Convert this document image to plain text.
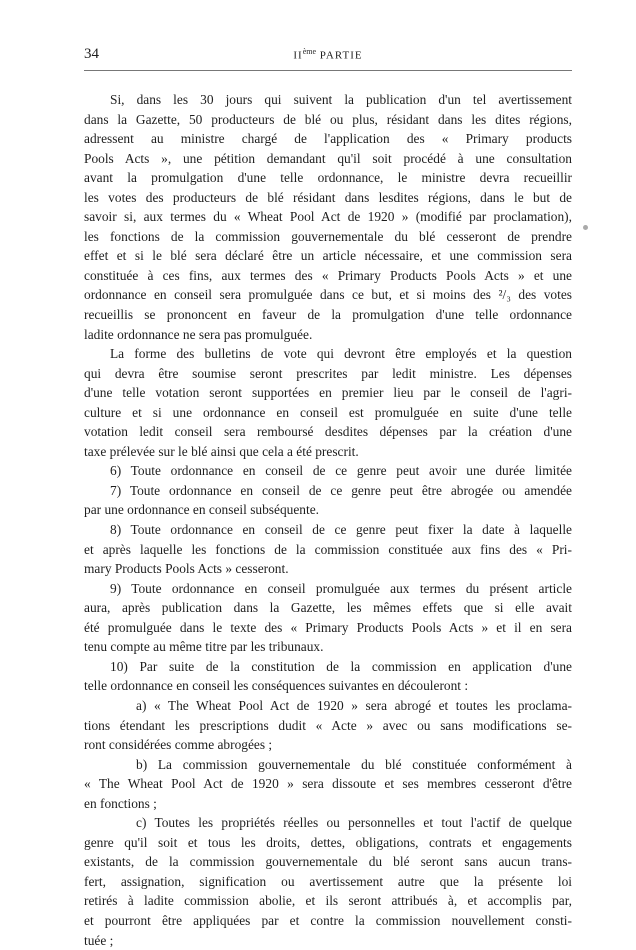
34	IIème PARTIE
Si, dans les 30 jours qui suivent la publication d'un tel avertissement
dans la Gazette, 50 producteurs de blé ou plus, résidant dans les dites régions,
adressent au ministre chargé de l'application des « Primary products
Pools Acts », une pétition demandant qu'il soit procédé à une consultation
avant la promulgation d'une telle ordonnance, le ministre devra recueillir
les votes des producteurs de blé résidant dans lesdites régions, dans le but de
savoir si, aux termes du « Wheat Pool Act de 1920 » (modifié par proclamation),
les fonctions de la commission gouvernementale du blé cesseront de prendre
effet et si le blé sera déclaré être un article nécessaire, et une commission sera
constituée à ces fins, aux termes des « Primary Products Pools Acts » et une
ordonnance en conseil sera promulguée dans ce but, et si moins des ²/₃ des votes
recueillis se prononcent en faveur de la promulgation d'une telle ordonnance
ladite ordonnance ne sera pas promulguée.
La forme des bulletins de vote qui devront être employés et la question
qui devra être soumise seront prescrites par ledit ministre. Les dépenses
d'une telle votation seront supportées en premier lieu par le conseil de l'agri-
culture et si une ordonnance en conseil est promulguée en suite d'une telle
votation ledit conseil sera remboursé desdites dépenses par la création d'une
taxe prélevée sur le blé ainsi que cela a été prescrit.
6) Toute ordonnance en conseil de ce genre peut avoir une durée limitée
7) Toute ordonnance en conseil de ce genre peut être abrogée ou amendée
par une ordonnance en conseil subséquente.
8) Toute ordonnance en conseil de ce genre peut fixer la date à laquelle
et après laquelle les fonctions de la commission constituée aux fins des « Pri-
mary Products Pools Acts » cesseront.
9) Toute ordonnance en conseil promulguée aux termes du présent article
aura, après publication dans la Gazette, les mêmes effets que si elle avait
été promulguée dans le texte des « Primary Products Pools Acts » et il en sera
tenu compte au même titre par les tribunaux.
10) Par suite de la constitution de la commission en application d'une
telle ordonnance en conseil les conséquences suivantes en découleront :
a) « The Wheat Pool Act de 1920 » sera abrogé et toutes les proclama-
tions étendant les prescriptions dudit « Acte » avec ou sans modifications se-
ront considérées comme abrogées ;
b) La commission gouvernementale du blé constituée conformément à
« The Wheat Pool Act de 1920 » sera dissoute et ses membres cesseront d'être
en fonctions ;
c) Toutes les propriétés réelles ou personnelles et tout l'actif de quelque
genre qu'il soit et tous les droits, dettes, obligations, contrats et engagements
existants, de la commission gouvernementale du blé seront sans aucun trans-
fert, assignation, signification ou avertissement autre que la présente loi
retirés à ladite commission abolie, et ils seront attribués à, et accomplis par,
et pourront être appliquées par et contre la commission nouvellement consti-
tuée ;
